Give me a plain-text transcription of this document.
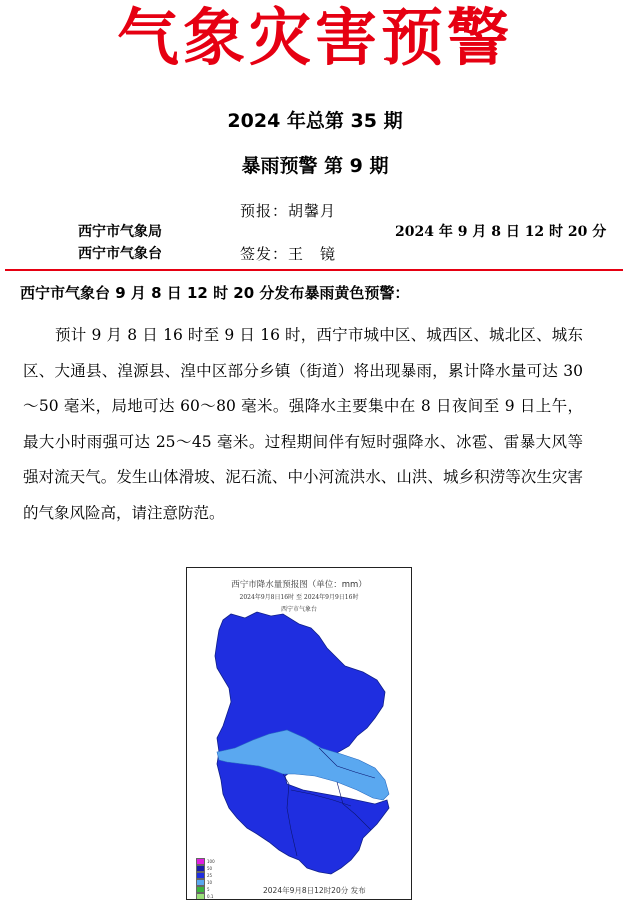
气象灾害预警
2024 年总第 35 期
暴雨预警 第 9 期
西宁市气象局
西宁市气象台
预报：胡馨月
签发：王　镜
2024 年 9 月 8 日 12 时 20 分
西宁市气象台 9 月 8 日 12 时 20 分发布暴雨黄色预警：
预计 9 月 8 日 16 时至 9 日 16 时，西宁市城中区、城西区、城北区、城东区、大通县、湟源县、湟中区部分乡镇（街道）将出现暴雨，累计降水量可达 30～50 毫米，局地可达 60～80 毫米。强降水主要集中在 8 日夜间至 9 日上午，最大小时雨强可达 25～45 毫米。过程期间伴有短时强降水、冰雹、雷暴大风等强对流天气。发生山体滑坡、泥石流、中小河流洪水、山洪、城乡积涝等次生灾害的气象风险高，请注意防范。
西宁市降水量预报图（单位：mm）
2024年9月8日16时 至 2024年9月9日16时
西宁市气象台
100
50
25
10
5
0.1
2024年9月8日12时20分 发布
